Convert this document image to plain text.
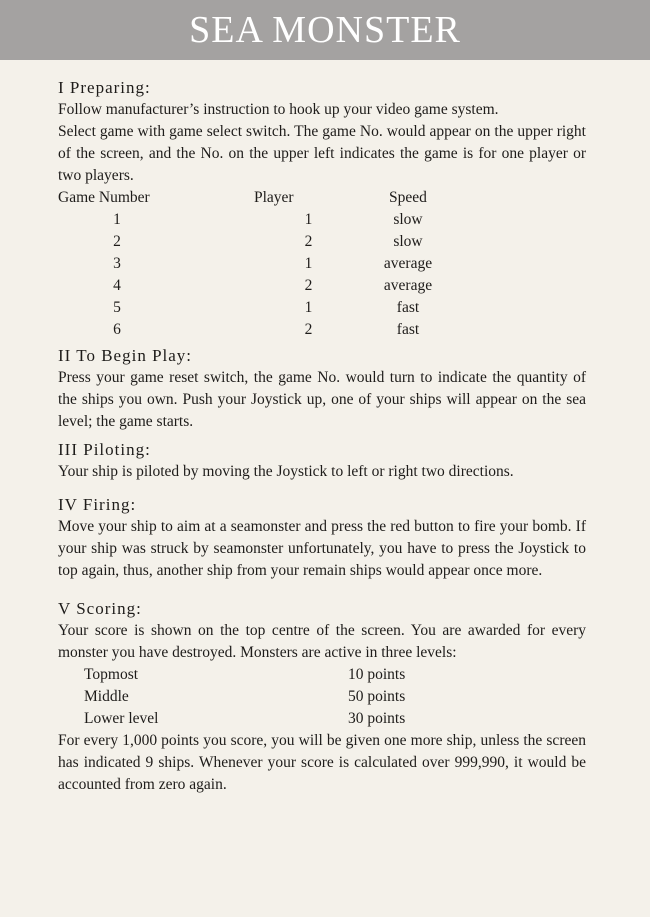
SEA MONSTER
I Preparing:

Follow manufacturer’s instruction to hook up your video game system.

Select game with game select switch. The game No. would appear on the upper right of the screen, and the No. on the upper left indicates the game is for one player or two players.

Game Number	Player	Speed
1	1	slow
2	2	slow
3	1	average
4	2	average
5	1	fast
6	2	fast
II To Begin Play:

Press your game reset switch, the game No. would turn to indicate the quantity of the ships you own. Push your Joystick up, one of your ships will appear on the sea level; the game starts.

III Piloting:

Your ship is piloted by moving the Joystick to left or right two directions.

IV Firing:

Move your ship to aim at a seamonster and press the red button to fire your bomb. If your ship was struck by seamonster unfortunately, you have to press the Joystick to top again, thus, another ship from your remain ships would appear once more.

V Scoring:

Your score is shown on the top centre of the screen. You are awarded for every monster you have destroyed. Monsters are active in three levels:

Topmost	10 points
Middle	50 points
Lower level	30 points

For every 1,000 points you score, you will be given one more ship, unless the screen has indicated 9 ships. Whenever your score is calculated over 999,990, it would be accounted from zero again.
